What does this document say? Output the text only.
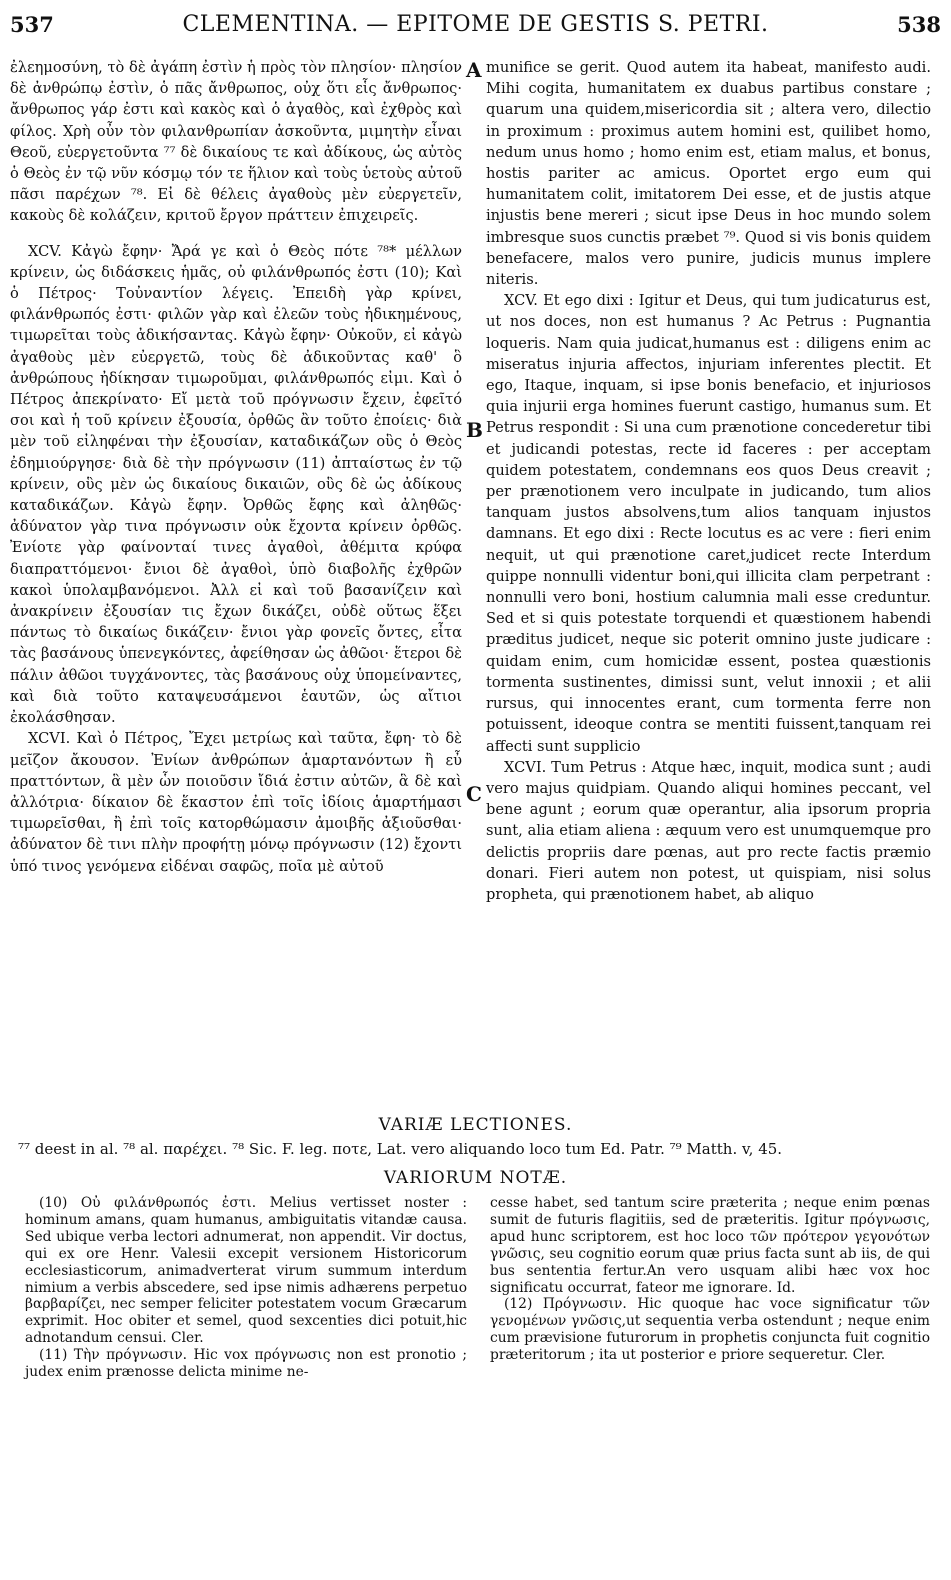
537	CLEMENTINA. — EPITOME DE GESTIS S. PETRI.	538

ἐλεημοσύνη, τὸ δὲ ἀγάπη ἐστὶν ἡ πρὸς τὸν πλησίον· πλησίον δὲ ἀνθρώπῳ ἐστὶν, ὁ πᾶς ἄνθρωπος, οὐχ ὅτι εἷς ἄνθρωπος· ἄνθρωπος γάρ ἐστι καὶ κακὸς καὶ ὁ ἀγαθὸς, καὶ ἐχθρὸς καὶ φίλος. Χρὴ οὖν τὸν φιλανθρωπίαν ἀσκοῦντα, μιμητὴν εἶναι Θεοῦ, εὐεργετοῦντα ⁷⁷ δὲ δικαίους τε καὶ ἀδίκους, ὡς αὐτὸς ὁ Θεὸς ἐν τῷ νῦν κόσμῳ τόν τε ἥλιον καὶ τοὺς ὑετοὺς αὐτοῦ πᾶσι παρέχων ⁷⁸. Εἰ δὲ θέλεις ἀγαθοὺς μὲν εὐεργετεῖν, κακοὺς δὲ κολάζειν, κριτοῦ ἔργον πράττειν ἐπιχειρεῖς.

XCV. Κἀγὼ ἔφην· Ἄρά γε καὶ ὁ Θεὸς πότε ⁷⁸* μέλλων κρίνειν, ὡς διδάσκεις ἡμᾶς, οὐ φιλάνθρωπός ἐστι (10); Καὶ ὁ Πέτρος· Τοὐναντίον λέγεις. Ἐπειδὴ γὰρ κρίνει, φιλάνθρωπός ἐστι· φιλῶν γὰρ καὶ ἐλεῶν τοὺς ἠδικημένους, τιμωρεῖται τοὺς ἀδικήσαντας. Κἀγὼ ἔφην· Οὐκοῦν, εἰ κἀγὼ ἀγαθοὺς μὲν εὐεργετῶ, τοὺς δὲ ἀδικοῦντας καθ' ὃ ἀνθρώπους ἠδίκησαν τιμωροῦμαι, φιλάνθρωπός εἰμι. Καὶ ὁ Πέτρος ἀπεκρίνατο· Εἴ μετὰ τοῦ πρόγνωσιν ἔχειν, ἐφεῖτό σοι καὶ ἡ τοῦ κρίνειν ἐξουσία, ὀρθῶς ἂν τοῦτο ἐποίεις· διὰ μὲν τοῦ εἰληφέναι τὴν ἐξουσίαν, καταδικάζων οὓς ὁ Θεὸς ἐδημιούργησε· διὰ δὲ τὴν πρόγνωσιν (11) ἀπταίστως ἐν τῷ κρίνειν, οὓς μὲν ὡς δικαίους δικαιῶν, οὓς δὲ ὡς ἀδίκους καταδικάζων. Κἀγὼ ἔφην. Ὀρθῶς ἔφης καὶ ἀληθῶς· ἀδύνατον γὰρ τινα πρόγνωσιν οὐκ ἔχοντα κρίνειν ὀρθῶς. Ἐνίοτε γὰρ φαίνονταί τινες ἀγαθοὶ, ἀθέμιτα κρύφα διαπραττόμενοι· ἔνιοι δὲ ἀγαθοὶ, ὑπὸ διαβολῆς ἐχθρῶν κακοὶ ὑπολαμβανόμενοι. Ἀλλ εἰ καὶ τοῦ βασανίζειν καὶ ἀνακρίνειν ἐξουσίαν τις ἔχων δικάζει, οὐδὲ οὕτως ἕξει πάντως τὸ δικαίως δικάζειν· ἔνιοι γὰρ φονεῖς ὄντες, εἶτα τὰς βασάνους ὑπενεγκόντες, ἀφείθησαν ὡς ἀθῶοι· ἕτεροι δὲ πάλιν ἀθῶοι τυγχάνοντες, τὰς βασάνους οὐχ ὑπομείναντες, καὶ διὰ τοῦτο καταψευσάμενοι ἑαυτῶν, ὡς αἴτιοι ἐκολάσθησαν.

XCVI. Καὶ ὁ Πέτρος, Ἔχει μετρίως καὶ ταῦτα, ἔφη· τὸ δὲ μεῖζον ἄκουσον. Ἐνίων ἀνθρώπων ἁμαρτανόντων ἢ εὖ πραττόντων, ἃ μὲν ὧν ποιοῦσιν ἴδιά ἐστιν αὐτῶν, ἃ δὲ καὶ ἀλλότρια· δίκαιον δὲ ἕκαστον ἐπὶ τοῖς ἰδίοις ἁμαρτήμασι τιμωρεῖσθαι, ἢ ἐπὶ τοῖς κατορθώμασιν ἀμοιβῆς ἀξιοῦσθαι· ἀδύνατον δὲ τινι πλὴν προφήτῃ μόνῳ πρόγνωσιν (12) ἔχοντι ὑπό τινος γενόμενα εἰδέναι σαφῶς, ποῖα μὲ αὐτοῦ

A
B
C

munifice se gerit. Quod autem ita habeat, manifesto audi. Mihi cogita, humanitatem ex duabus partibus constare ; quarum una quidem,misericordia sit ; altera vero, dilectio in proximum : proximus autem homini est, quilibet homo, nedum unus homo ; homo enim est, etiam malus, et bonus, hostis pariter ac amicus. Oportet ergo eum qui humanitatem colit, imitatorem Dei esse, et de justis atque injustis bene mereri ; sicut ipse Deus in hoc mundo solem imbresque suos cunctis præbet ⁷⁹. Quod si vis bonis quidem benefacere, malos vero punire, judicis munus implere niteris.

XCV. Et ego dixi : Igitur et Deus, qui tum judicaturus est, ut nos doces, non est humanus ? Ac Petrus : Pugnantia loqueris. Nam quia judicat,humanus est : diligens enim ac miseratus injuria affectos, injuriam inferentes plectit. Et ego, Itaque, inquam, si ipse bonis benefacio, et injuriosos quia injurii erga homines fuerunt castigo, humanus sum. Et Petrus respondit : Si una cum prænotione concederetur tibi et judicandi potestas, recte id faceres : per acceptam quidem potestatem, condemnans eos quos Deus creavit ; per prænotionem vero inculpate in judicando, tum alios tanquam justos absolvens,tum alios tanquam injustos damnans. Et ego dixi : Recte locutus es ac vere : fieri enim nequit, ut qui prænotione caret,judicet recte Interdum quippe nonnulli videntur boni,qui illicita clam perpetrant : nonnulli vero boni, hostium calumnia mali esse creduntur. Sed et si quis potestate torquendi et quæstionem habendi præditus judicet, neque sic poterit omnino juste judicare : quidam enim, cum homicidæ essent, postea quæstionis tormenta sustinentes, dimissi sunt, velut innoxii ; et alii rursus, qui innocentes erant, cum tormenta ferre non potuissent, ideoque contra se mentiti fuissent,tanquam rei affecti sunt supplicio

XCVI. Tum Petrus : Atque hæc, inquit, modica sunt ; audi vero majus quidpiam. Quando aliqui homines peccant, vel bene agunt ; eorum quæ operantur, alia ipsorum propria sunt, alia etiam aliena : æquum vero est unumquemque pro delictis propriis dare pœnas, aut pro recte factis præmio donari. Fieri autem non potest, ut quispiam, nisi solus propheta, qui prænotionem habet, ab aliquo

VARIÆ LECTIONES.
⁷⁷ deest in al. ⁷⁸ al. παρέχει. ⁷⁸ Sic. F. leg. ποτε, Lat. vero aliquando loco tum Ed. Patr. ⁷⁹ Matth. v, 45.
VARIORUM NOTÆ.

(10) Οὐ φιλάνθρωπός ἐστι. Melius vertisset noster : hominum amans, quam humanus, ambiguitatis vitandæ causa. Sed ubique verba lectori adnumerat, non appendit. Vir doctus, qui ex ore Henr. Valesii excepit versionem Historicorum ecclesiasticorum, animadverterat virum summum interdum nimium a verbis abscedere, sed ipse nimis adhærens perpetuo βαρβαρίζει, nec semper feliciter potestatem vocum Græcarum exprimit. Hoc obiter et semel, quod sexcenties dici potuit,hic adnotandum censui. Cler.

(11) Τὴν πρόγνωσιν. Hic vox πρόγνωσις non est pronotio ; judex enim prænosse delicta minime ne-

cesse habet, sed tantum scire præterita ; neque enim pœnas sumit de futuris flagitiis, sed de præteritis. Igitur πρόγνωσις, apud hunc scriptorem, est hoc loco τῶν πρότερον γεγονότων γνῶσις, seu cognitio eorum quæ prius facta sunt ab iis, de qui bus sententia fertur.An vero usquam alibi hæc vox hoc significatu occurrat, fateor me ignorare. Id.

(12) Πρόγνωσιν. Hic quoque hac voce significatur τῶν γενομένων γνῶσις,ut sequentia verba ostendunt ; neque enim cum prævisione futurorum in prophetis conjuncta fuit cognitio præteritorum ; ita ut posterior e priore sequeretur. Cler.
